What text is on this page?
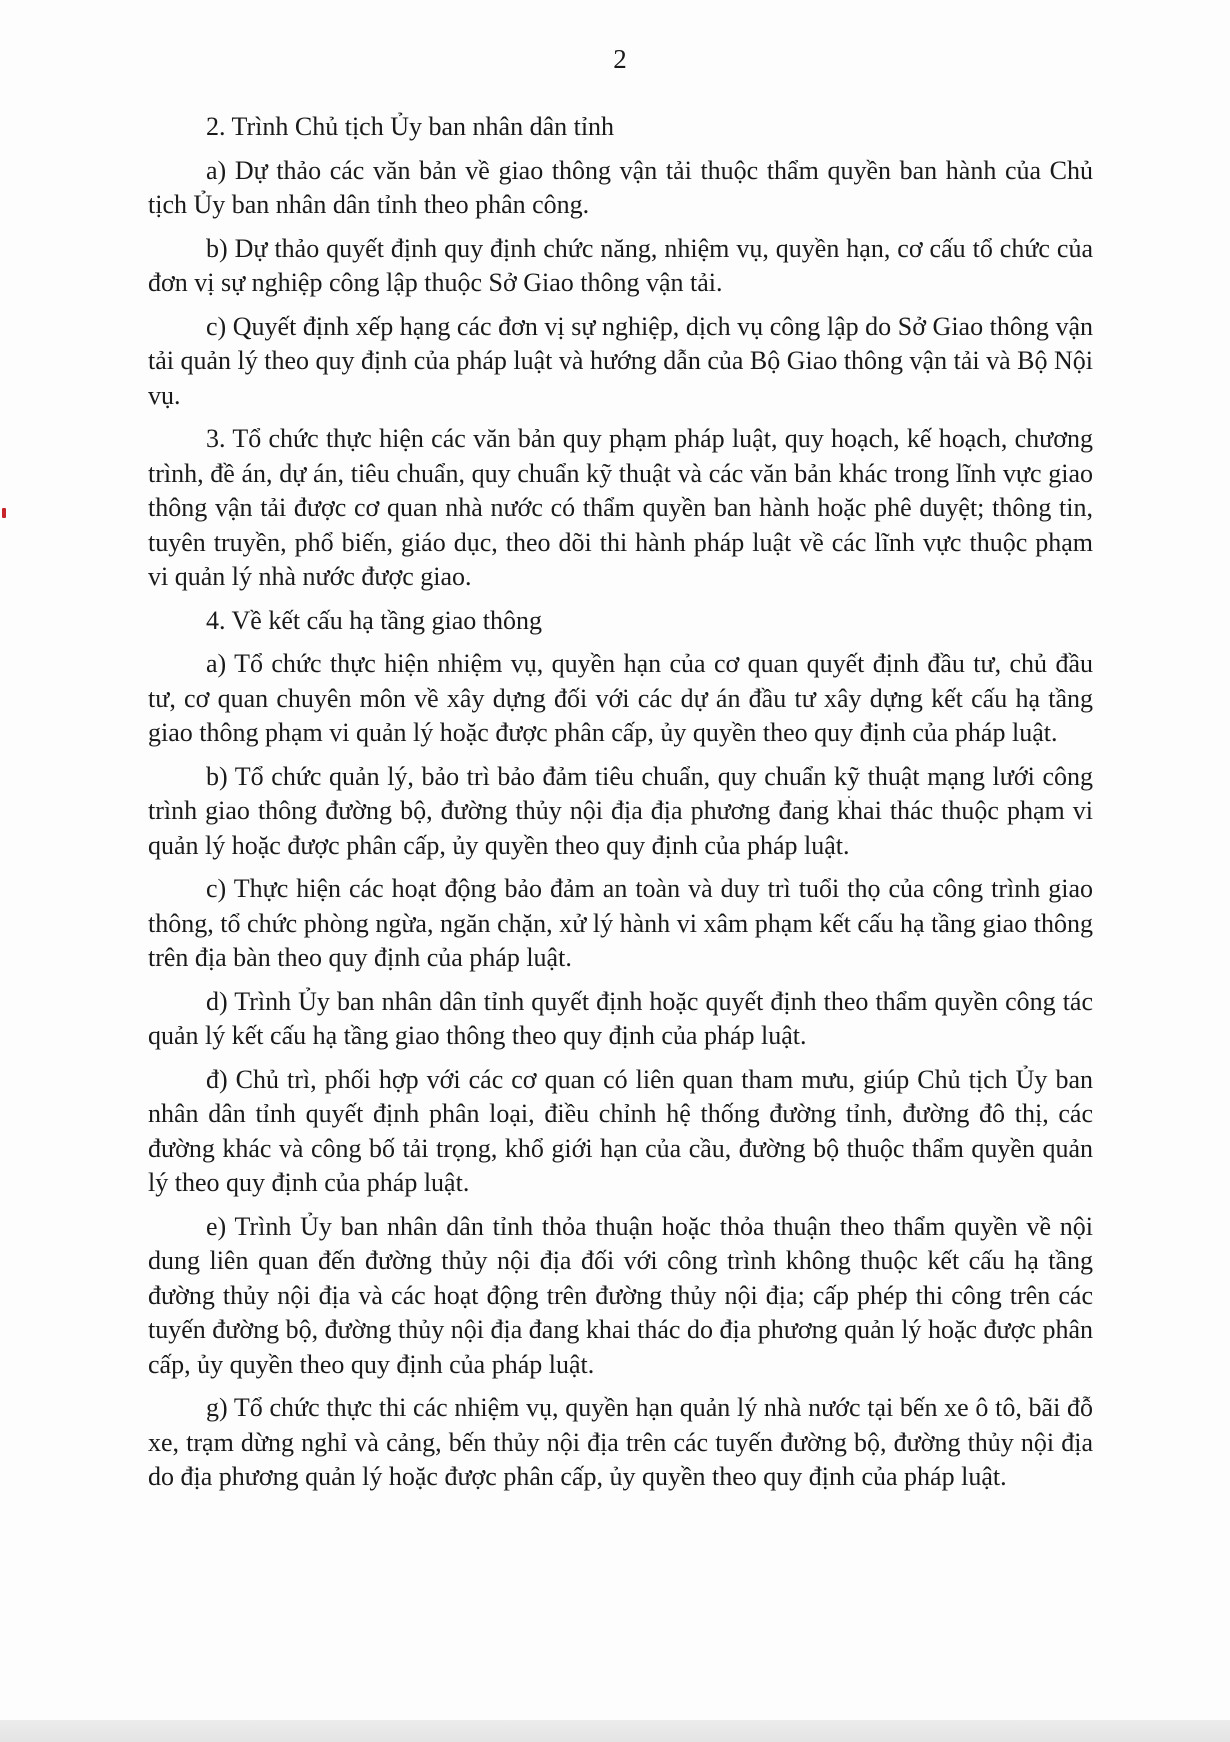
2

2. Trình Chủ tịch Ủy ban nhân dân tỉnh

a) Dự thảo các văn bản về giao thông vận tải thuộc thẩm quyền ban hành của Chủ tịch Ủy ban nhân dân tỉnh theo phân công.

b) Dự thảo quyết định quy định chức năng, nhiệm vụ, quyền hạn, cơ cấu tổ chức của đơn vị sự nghiệp công lập thuộc Sở Giao thông vận tải.

c) Quyết định xếp hạng các đơn vị sự nghiệp, dịch vụ công lập do Sở Giao thông vận tải quản lý theo quy định của pháp luật và hướng dẫn của Bộ Giao thông vận tải và Bộ Nội vụ.

3. Tổ chức thực hiện các văn bản quy phạm pháp luật, quy hoạch, kế hoạch, chương trình, đề án, dự án, tiêu chuẩn, quy chuẩn kỹ thuật và các văn bản khác trong lĩnh vực giao thông vận tải được cơ quan nhà nước có thẩm quyền ban hành hoặc phê duyệt; thông tin, tuyên truyền, phổ biến, giáo dục, theo dõi thi hành pháp luật về các lĩnh vực thuộc phạm vi quản lý nhà nước được giao.

4. Về kết cấu hạ tầng giao thông

a) Tổ chức thực hiện nhiệm vụ, quyền hạn của cơ quan quyết định đầu tư, chủ đầu tư, cơ quan chuyên môn về xây dựng đối với các dự án đầu tư xây dựng kết cấu hạ tầng giao thông phạm vi quản lý hoặc được phân cấp, ủy quyền theo quy định của pháp luật.

b) Tổ chức quản lý, bảo trì bảo đảm tiêu chuẩn, quy chuẩn kỹ thuật mạng lưới công trình giao thông đường bộ, đường thủy nội địa địa phương đang khai thác thuộc phạm vi quản lý hoặc được phân cấp, ủy quyền theo quy định của pháp luật.

c) Thực hiện các hoạt động bảo đảm an toàn và duy trì tuổi thọ của công trình giao thông, tổ chức phòng ngừa, ngăn chặn, xử lý hành vi xâm phạm kết cấu hạ tầng giao thông trên địa bàn theo quy định của pháp luật.

d) Trình Ủy ban nhân dân tỉnh quyết định hoặc quyết định theo thẩm quyền công tác quản lý kết cấu hạ tầng giao thông theo quy định của pháp luật.

đ) Chủ trì, phối hợp với các cơ quan có liên quan tham mưu, giúp Chủ tịch Ủy ban nhân dân tỉnh quyết định phân loại, điều chỉnh hệ thống đường tỉnh, đường đô thị, các đường khác và công bố tải trọng, khổ giới hạn của cầu, đường bộ thuộc thẩm quyền quản lý theo quy định của pháp luật.

e) Trình Ủy ban nhân dân tỉnh thỏa thuận hoặc thỏa thuận theo thẩm quyền về nội dung liên quan đến đường thủy nội địa đối với công trình không thuộc kết cấu hạ tầng đường thủy nội địa và các hoạt động trên đường thủy nội địa; cấp phép thi công trên các tuyến đường bộ, đường thủy nội địa đang khai thác do địa phương quản lý hoặc được phân cấp, ủy quyền theo quy định của pháp luật.

g) Tổ chức thực thi các nhiệm vụ, quyền hạn quản lý nhà nước tại bến xe ô tô, bãi đỗ xe, trạm dừng nghỉ và cảng, bến thủy nội địa trên các tuyến đường bộ, đường thủy nội địa do địa phương quản lý hoặc được phân cấp, ủy quyền theo quy định của pháp luật.
